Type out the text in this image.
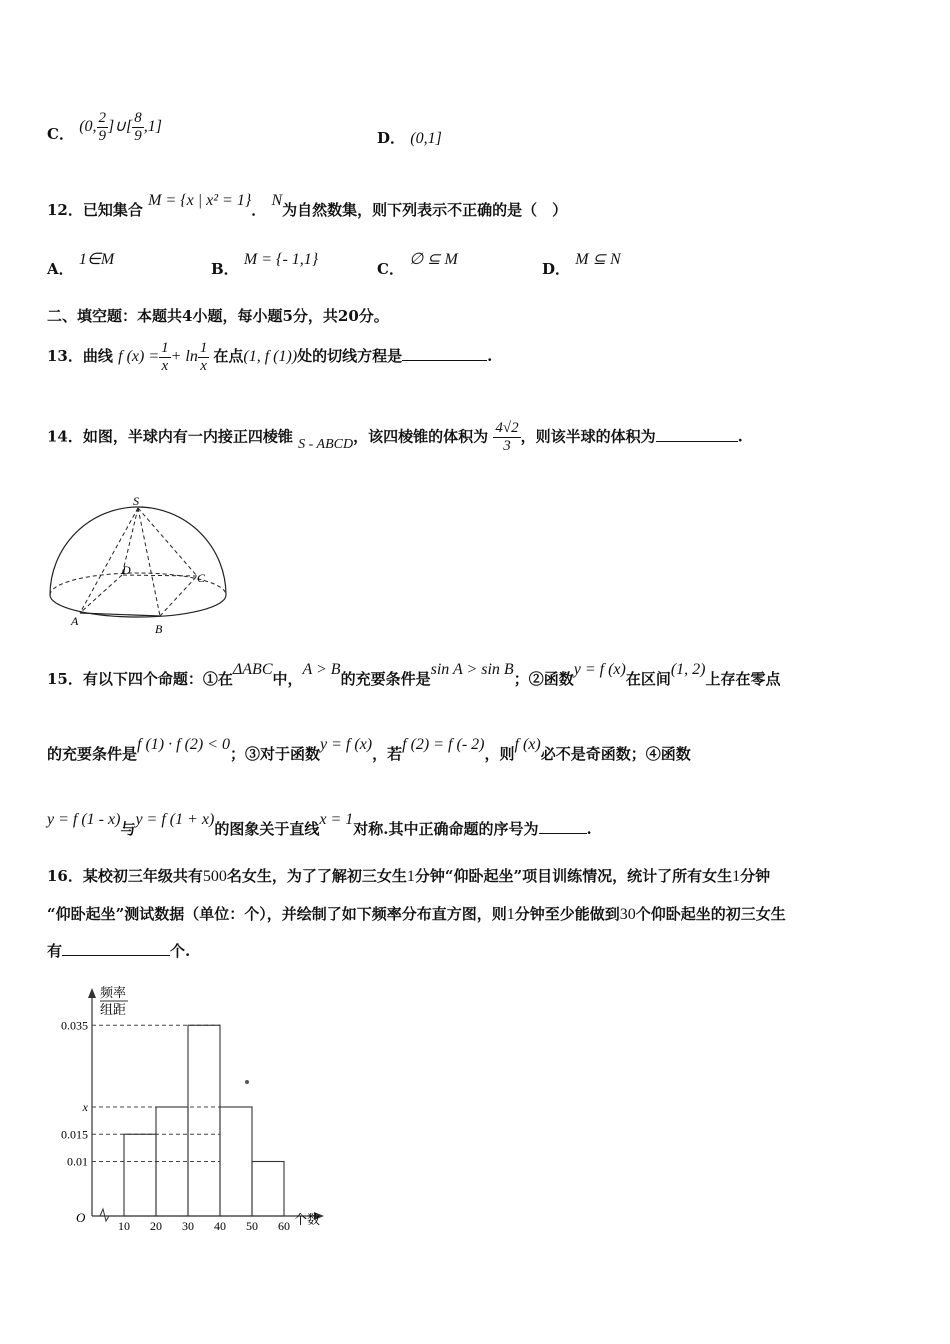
C． (0, $\frac{2}{9}$ ]∪[ $\frac{8}{9} ,1$]
D． (0,1]
12．已知集合 M = {x | x² = 1}． N为自然数集，则下列表示不正确的是（　）
A． 1∈M
B． M = {- 1,1}
C． ∅ ⊆ M
D． M ⊆ N
二、填空题：本题共4小题，每小题5分，共20分。
13．曲线 f $(x) = \frac{1}{x} + \ln \frac{1}{x}$ 在点(1, f (1))处的切线方程是	.
14．如图，半球内有一内接正四棱锥 S - ABCD，该四棱锥的体积为 $\frac{4√2}{3}$ ，则该半球的体积为	.
S
D
C
A
B
15．有以下四个命题：①在ΔABC中，A > B的充要条件是sin A > sin B；②函数y = f (x)在区间(1, 2)上存在零点
的充要条件是f (1) · f (2) < 0；③对于函数y = f (x)，若f (2) = f (- 2)，则f (x)必不是奇函数；④函数
y = f (1 - x)与y = f (1 + x)的图象关于直线x = 1对称.其中正确命题的序号为	.
16．某校初三年级共有500名女生，为了了解初三女生1分钟“仰卧起坐”项目训练情况，统计了所有女生1分钟
“仰卧起坐”测试数据（单位：个），并绘制了如下频率分布直方图，则1分钟至少能做到30个仰卧起坐的初三女生
有	个.
频率
组距
个数
O
0.035
x
0.015
0.01
10 20 30 40 50 60
